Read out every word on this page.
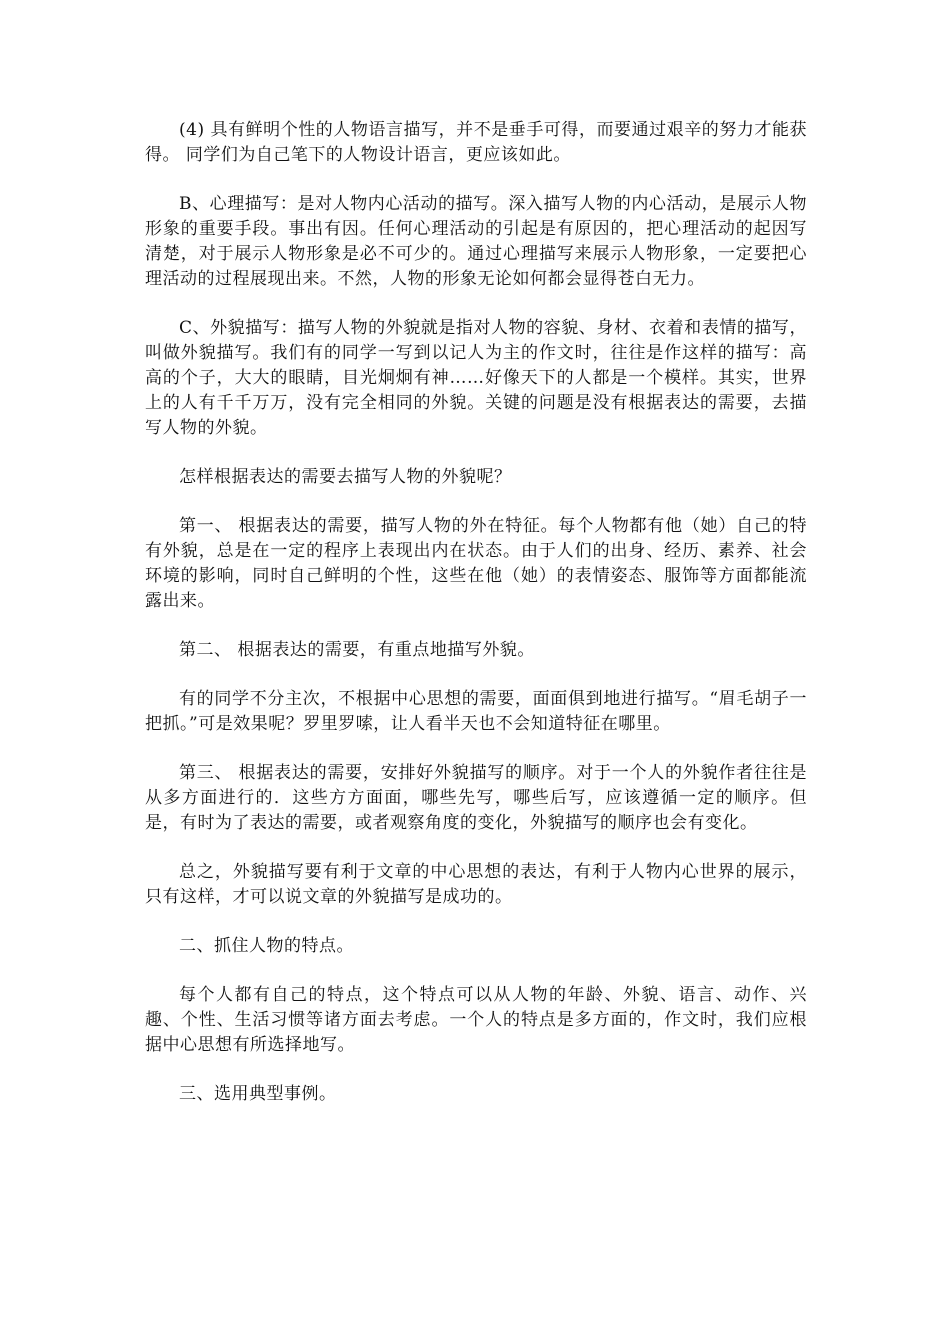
(4) 具有鲜明个性的人物语言描写，并不是垂手可得，而要通过艰辛的努力才能获得。 同学们为自己笔下的人物设计语言，更应该如此。

B、心理描写：是对人物内心活动的描写。深入描写人物的内心活动，是展示人物形象的重要手段。事出有因。任何心理活动的引起是有原因的，把心理活动的起因写清楚，对于展示人物形象是必不可少的。通过心理描写来展示人物形象，一定要把心理活动的过程展现出来。不然，人物的形象无论如何都会显得苍白无力。

C、外貌描写：描写人物的外貌就是指对人物的容貌、身材、衣着和表情的描写，叫做外貌描写。我们有的同学一写到以记人为主的作文时，往往是作这样的描写：高高的个子，大大的眼睛，目光炯炯有神……好像天下的人都是一个模样。其实，世界上的人有千千万万，没有完全相同的外貌。关键的问题是没有根据表达的需要，去描写人物的外貌。

怎样根据表达的需要去描写人物的外貌呢？

第一、 根据表达的需要，描写人物的外在特征。每个人物都有他（她）自己的特有外貌，总是在一定的程序上表现出内在状态。由于人们的出身、经历、素养、社会环境的影响，同时自己鲜明的个性，这些在他（她）的表情姿态、服饰等方面都能流露出来。

第二、 根据表达的需要，有重点地描写外貌。

有的同学不分主次，不根据中心思想的需要，面面俱到地进行描写。“眉毛胡子一把抓。”可是效果呢？罗里罗嗦，让人看半天也不会知道特征在哪里。

第三、 根据表达的需要，安排好外貌描写的顺序。对于一个人的外貌作者往往是从多方面进行的．这些方方面面，哪些先写，哪些后写，应该遵循一定的顺序。但是，有时为了表达的需要，或者观察角度的变化，外貌描写的顺序也会有变化。

总之，外貌描写要有利于文章的中心思想的表达，有利于人物内心世界的展示，只有这样，才可以说文章的外貌描写是成功的。

二、抓住人物的特点。

每个人都有自己的特点，这个特点可以从人物的年龄、外貌、语言、动作、兴趣、个性、生活习惯等诸方面去考虑。一个人的特点是多方面的，作文时，我们应根据中心思想有所选择地写。

三、选用典型事例。
